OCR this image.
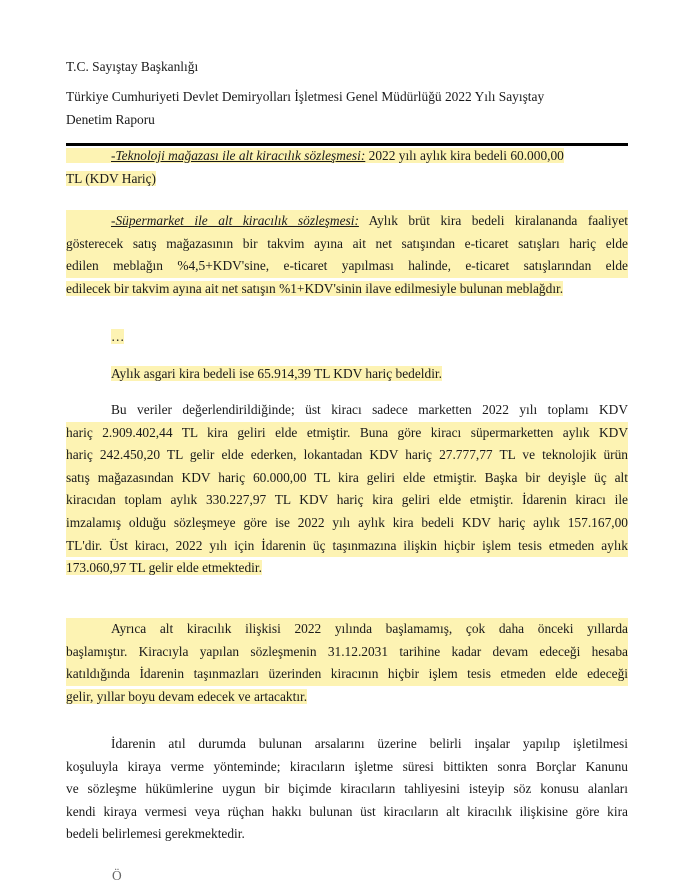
T.C. Sayıştay Başkanlığı
Türkiye Cumhuriyeti Devlet Demiryolları İşletmesi Genel Müdürlüğü 2022 Yılı Sayıştay
Denetim Raporu
-Teknoloji mağazası ile alt kiracılık sözleşmesi: 2022 yılı aylık kira bedeli 60.000,00
TL (KDV Hariç)
-Süpermarket ile alt kiracılık sözleşmesi: Aylık brüt kira bedeli kiralananda faaliyet
gösterecek satış mağazasının bir takvim ayına ait net satışından e-ticaret satışları hariç elde
edilen meblağın %4,5+KDV'sine, e-ticaret yapılması halinde, e-ticaret satışlarından elde
edilecek bir takvim ayına ait net satışın %1+KDV'sinin ilave edilmesiyle bulunan meblağdır.
…
Aylık asgari kira bedeli ise 65.914,39 TL KDV hariç bedeldir.
Bu veriler değerlendirildiğinde; üst kiracı sadece marketten 2022 yılı toplamı KDV
hariç 2.909.402,44 TL kira geliri elde etmiştir. Buna göre kiracı süpermarketten aylık KDV
hariç 242.450,20 TL gelir elde ederken, lokantadan KDV hariç 27.777,77 TL ve teknolojik ürün
satış mağazasından KDV hariç 60.000,00 TL kira geliri elde etmiştir. Başka bir deyişle üç alt
kiracıdan toplam aylık 330.227,97 TL KDV hariç kira geliri elde etmiştir. İdarenin kiracı ile
imzalamış olduğu sözleşmeye göre ise 2022 yılı aylık kira bedeli KDV hariç aylık 157.167,00
TL'dir. Üst kiracı, 2022 yılı için İdarenin üç taşınmazına ilişkin hiçbir işlem tesis etmeden aylık
173.060,97 TL gelir elde etmektedir.
Ayrıca alt kiracılık ilişkisi 2022 yılında başlamamış, çok daha önceki yıllarda
başlamıştır. Kiracıyla yapılan sözleşmenin 31.12.2031 tarihine kadar devam edeceği hesaba
katıldığında İdarenin taşınmazları üzerinden kiracının hiçbir işlem tesis etmeden elde edeceği
gelir, yıllar boyu devam edecek ve artacaktır.
İdarenin atıl durumda bulunan arsalarını üzerine belirli inşalar yapılıp işletilmesi
koşuluyla kiraya verme yönteminde; kiracıların işletme süresi bittikten sonra Borçlar Kanunu
ve sözleşme hükümlerine uygun bir biçimde kiracıların tahliyesini isteyip söz konusu alanları
kendi kiraya vermesi veya rüçhan hakkı bulunan üst kiracıların alt kiracılık ilişkisine göre kira
bedeli belirlemesi gerekmektedir.
Ö
